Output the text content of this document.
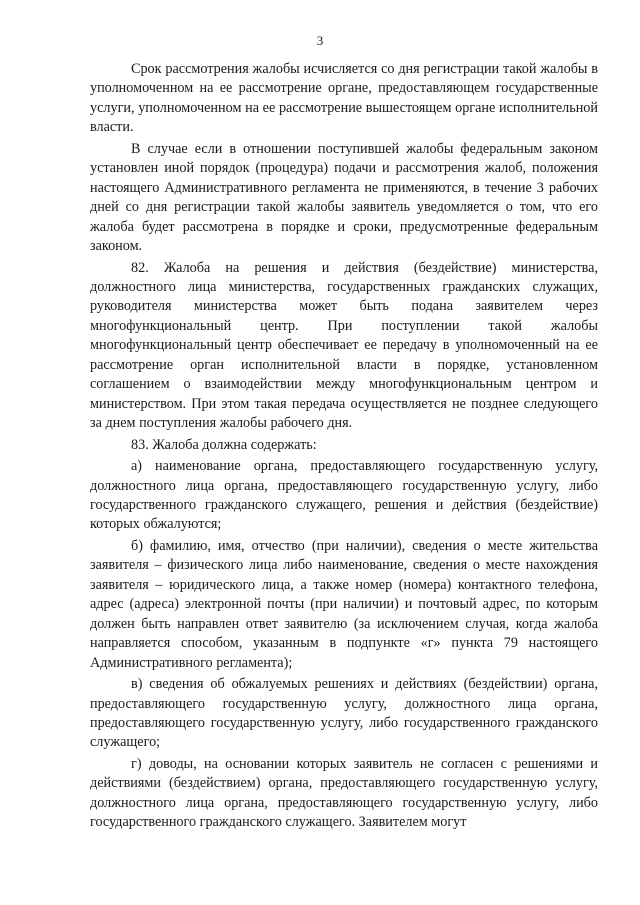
3

Срок рассмотрения жалобы исчисляется со дня регистрации такой жалобы в уполномоченном на ее рассмотрение органе, предоставляющем государственные услуги, уполномоченном на ее рассмотрение вышестоящем органе исполнительной власти.

В случае если в отношении поступившей жалобы федеральным законом установлен иной порядок (процедура) подачи и рассмотрения жалоб, положения настоящего Административного регламента не применяются, в течение 3 рабочих дней со дня регистрации такой жалобы заявитель уведомляется о том, что его жалоба будет рассмотрена в порядке и сроки, предусмотренные федеральным законом.

82. Жалоба на решения и действия (бездействие) министерства, должностного лица министерства, государственных гражданских служащих, руководителя министерства может быть подана заявителем через многофункциональный центр. При поступлении такой жалобы многофункциональный центр обеспечивает ее передачу в уполномоченный на ее рассмотрение орган исполнительной власти в порядке, установленном соглашением о взаимодействии между многофункциональным центром и министерством. При этом такая передача осуществляется не позднее следующего за днем поступления жалобы рабочего дня.

83. Жалоба должна содержать:

а) наименование органа, предоставляющего государственную услугу, должностного лица органа, предоставляющего государственную услугу, либо государственного гражданского служащего, решения и действия (бездействие) которых обжалуются;

б) фамилию, имя, отчество (при наличии), сведения о месте жительства заявителя – физического лица либо наименование, сведения о месте нахождения заявителя – юридического лица, а также номер (номера) контактного телефона, адрес (адреса) электронной почты (при наличии) и почтовый адрес, по которым должен быть направлен ответ заявителю (за исключением случая, когда жалоба направляется способом, указанным в подпункте «г» пункта 79 настоящего Административного регламента);

в) сведения об обжалуемых решениях и действиях (бездействии) органа, предоставляющего государственную услугу, должностного лица органа, предоставляющего государственную услугу, либо государственного гражданского служащего;

г) доводы, на основании которых заявитель не согласен с решениями и действиями (бездействием) органа, предоставляющего государственную услугу, должностного лица органа, предоставляющего государственную услугу, либо государственного гражданского служащего. Заявителем могут
